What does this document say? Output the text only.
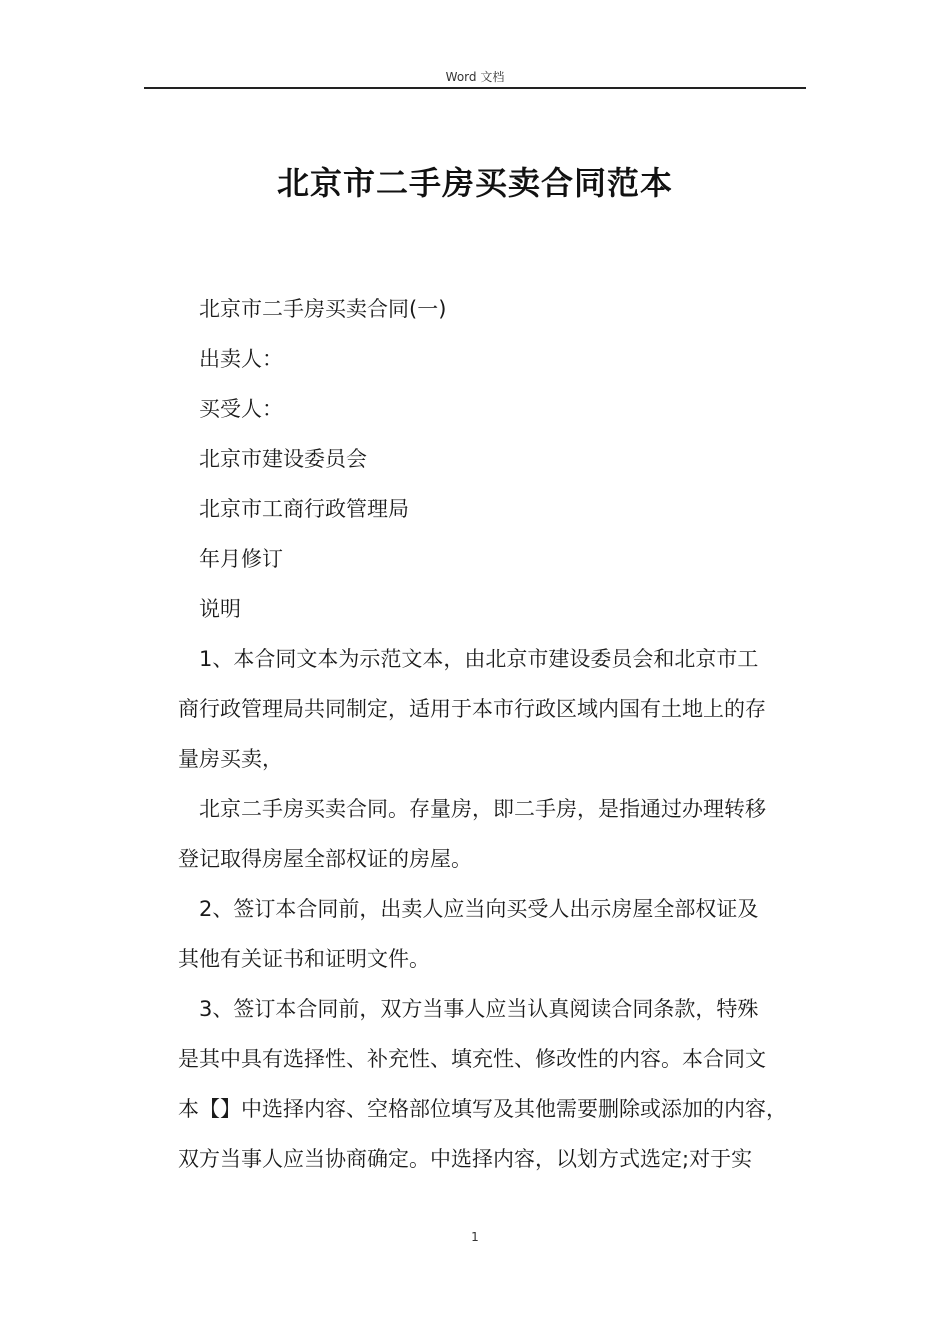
Word 文档
北京市二手房买卖合同范本
北京市二手房买卖合同(一)
出卖人：
买受人：
北京市建设委员会
北京市工商行政管理局
年月修订
说明
1、本合同文本为示范文本，由北京市建设委员会和北京市工
商行政管理局共同制定，适用于本市行政区域内国有土地上的存
量房买卖，
北京二手房买卖合同。存量房，即二手房，是指通过办理转移
登记取得房屋全部权证的房屋。
2、签订本合同前，出卖人应当向买受人出示房屋全部权证及
其他有关证书和证明文件。
3、签订本合同前，双方当事人应当认真阅读合同条款，特殊
是其中具有选择性、补充性、填充性、修改性的内容。本合同文
本【】中选择内容、空格部位填写及其他需要删除或添加的内容，
双方当事人应当协商确定。中选择内容，以划方式选定;对于实
1
